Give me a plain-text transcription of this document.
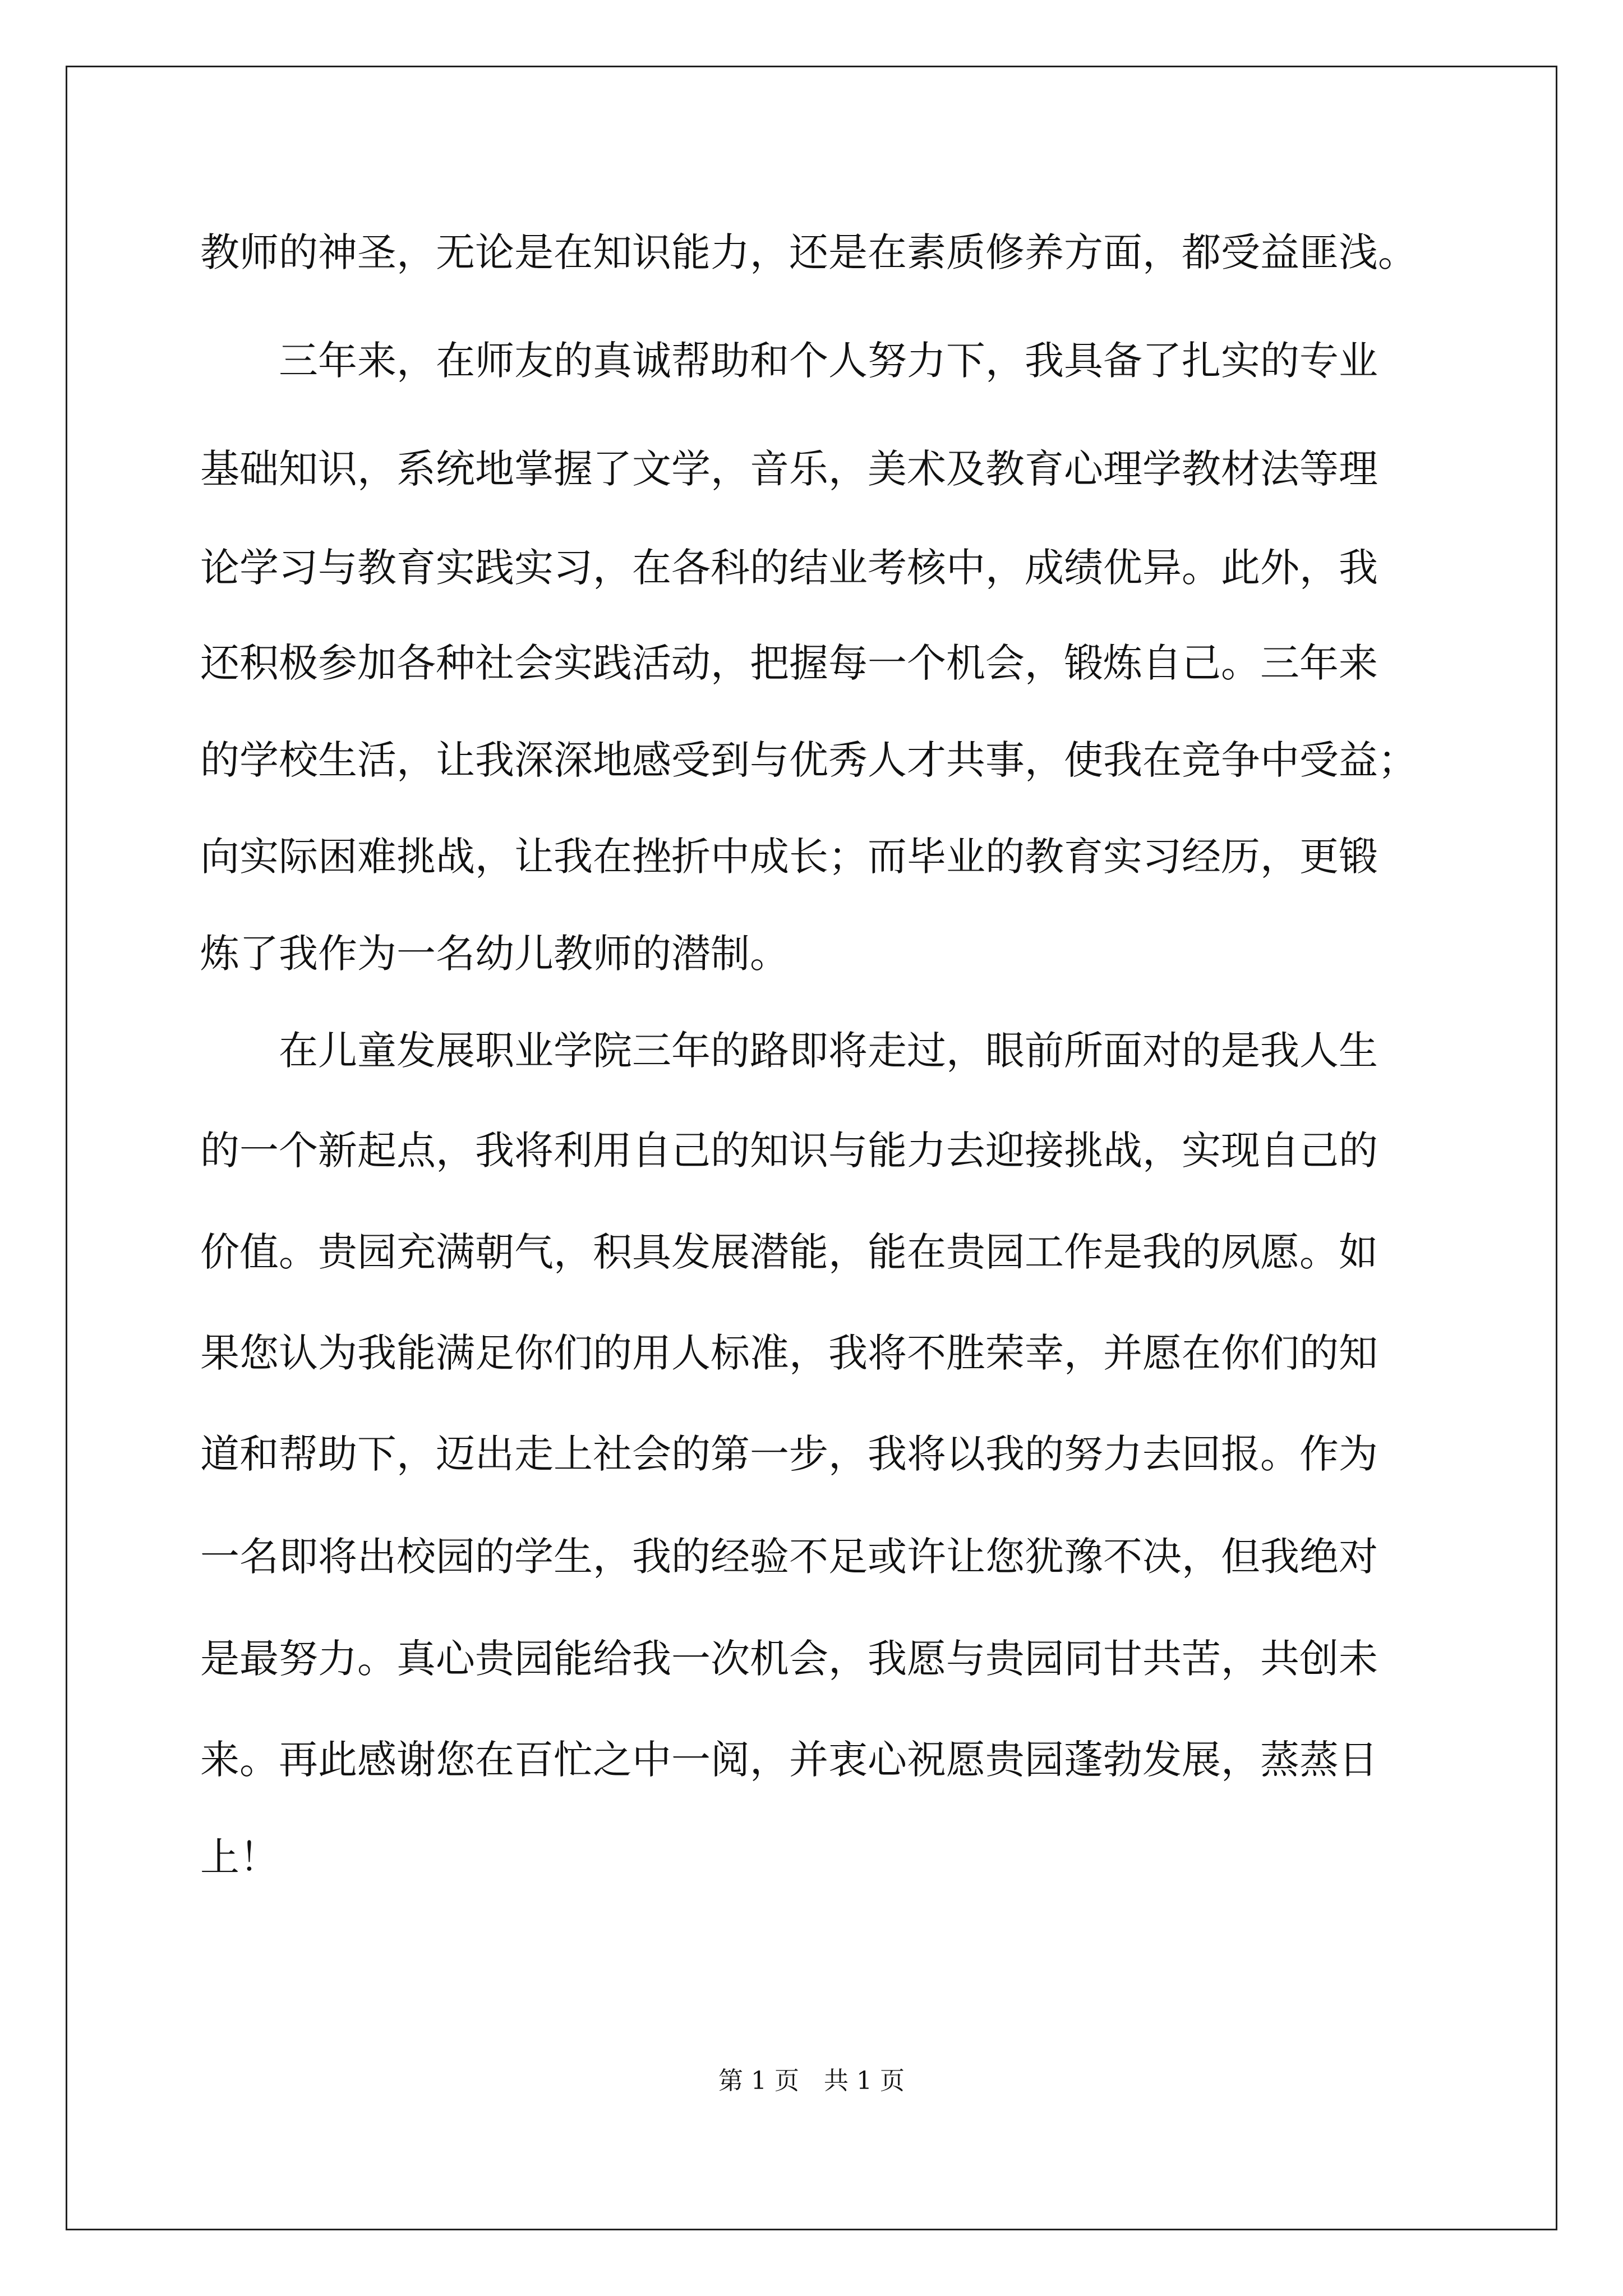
教师的神圣，无论是在知识能力，还是在素质修养方面，都受益匪浅。
　　三年来，在师友的真诚帮助和个人努力下，我具备了扎实的专业
基础知识，系统地掌握了文学，音乐，美术及教育心理学教材法等理
论学习与教育实践实习，在各科的结业考核中，成绩优异。此外，我
还积极参加各种社会实践活动，把握每一个机会，锻炼自己。三年来
的学校生活，让我深深地感受到与优秀人才共事，使我在竞争中受益；
向实际困难挑战，让我在挫折中成长；而毕业的教育实习经历，更锻
炼了我作为一名幼儿教师的潜制。
　　在儿童发展职业学院三年的路即将走过，眼前所面对的是我人生
的一个新起点，我将利用自己的知识与能力去迎接挑战，实现自己的
价值。贵园充满朝气，积具发展潜能，能在贵园工作是我的夙愿。如
果您认为我能满足你们的用人标准，我将不胜荣幸，并愿在你们的知
道和帮助下，迈出走上社会的第一步，我将以我的努力去回报。作为
一名即将出校园的学生，我的经验不足或许让您犹豫不决，但我绝对
是最努力。真心贵园能给我一次机会，我愿与贵园同甘共苦，共创未
来。再此感谢您在百忙之中一阅，并衷心祝愿贵园蓬勃发展，蒸蒸日
上！
第 1 页　共 1 页
